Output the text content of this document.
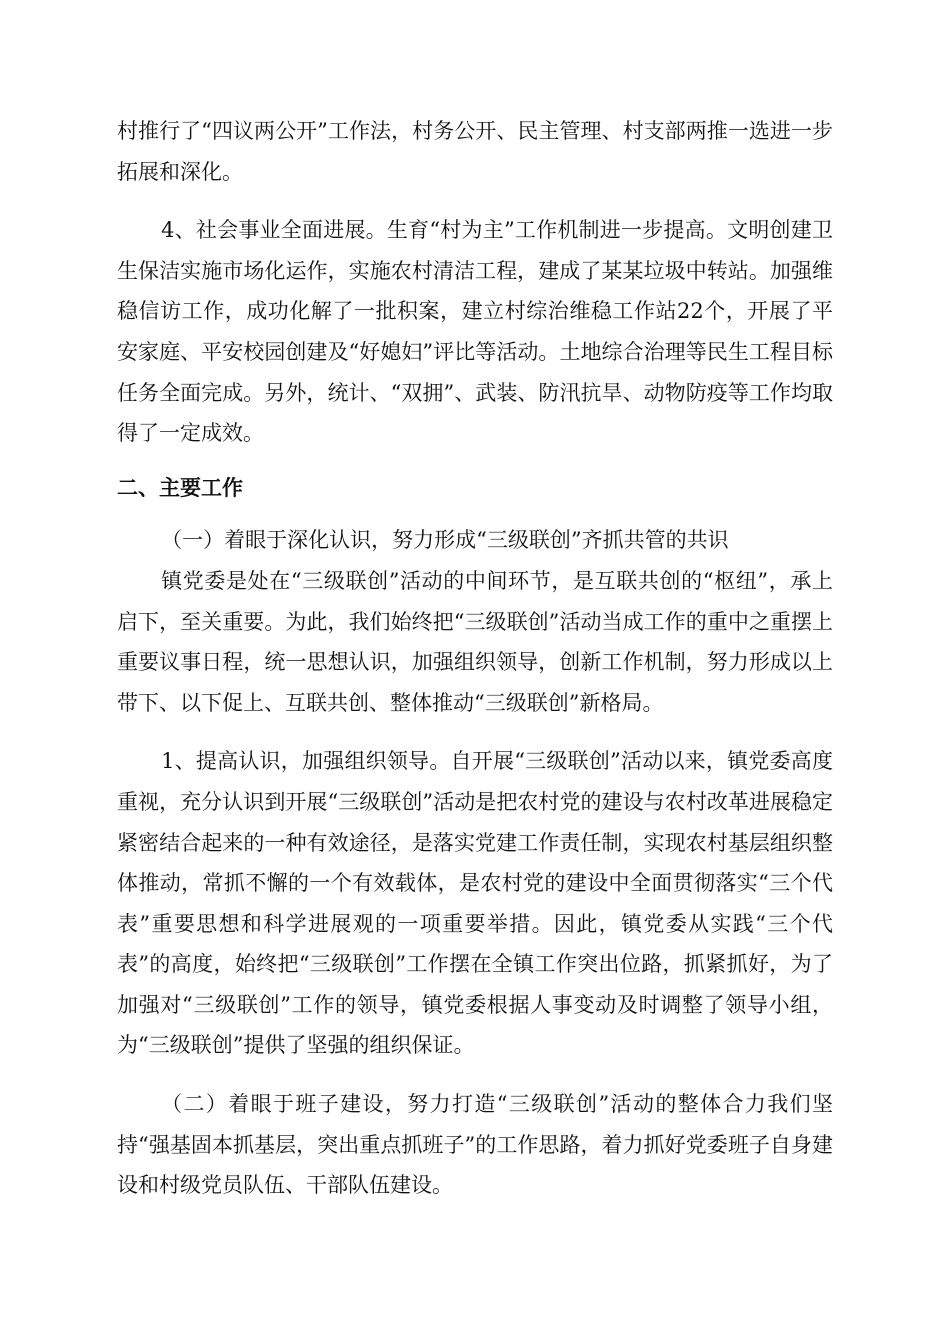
村推行了“四议两公开”工作法，村务公开、民主管理、村支部两推一选进一步拓展和深化。

4、社会事业全面进展。生育“村为主”工作机制进一步提高。文明创建卫生保洁实施市场化运作，实施农村清洁工程，建成了某某垃圾中转站。加强维稳信访工作，成功化解了一批积案，建立村综治维稳工作站22个，开展了平安家庭、平安校园创建及“好媳妇”评比等活动。土地综合治理等民生工程目标任务全面完成。另外，统计、“双拥”、武装、防汛抗旱、动物防疫等工作均取得了一定成效。

二、主要工作

（一）着眼于深化认识，努力形成“三级联创”齐抓共管的共识

镇党委是处在“三级联创”活动的中间环节，是互联共创的“枢纽”，承上启下，至关重要。为此，我们始终把“三级联创”活动当成工作的重中之重摆上重要议事日程，统一思想认识，加强组织领导，创新工作机制，努力形成以上带下、以下促上、互联共创、整体推动“三级联创”新格局。

1、提高认识，加强组织领导。自开展“三级联创”活动以来，镇党委高度重视，充分认识到开展“三级联创”活动是把农村党的建设与农村改革进展稳定紧密结合起来的一种有效途径，是落实党建工作责任制，实现农村基层组织整体推动，常抓不懈的一个有效载体，是农村党的建设中全面贯彻落实“三个代表”重要思想和科学进展观的一项重要举措。因此，镇党委从实践“三个代表”的高度，始终把“三级联创”工作摆在全镇工作突出位路，抓紧抓好，为了加强对“三级联创”工作的领导，镇党委根据人事变动及时调整了领导小组，为“三级联创”提供了坚强的组织保证。

（二）着眼于班子建设，努力打造“三级联创”活动的整体合力我们坚持“强基固本抓基层，突出重点抓班子”的工作思路，着力抓好党委班子自身建设和村级党员队伍、干部队伍建设。
